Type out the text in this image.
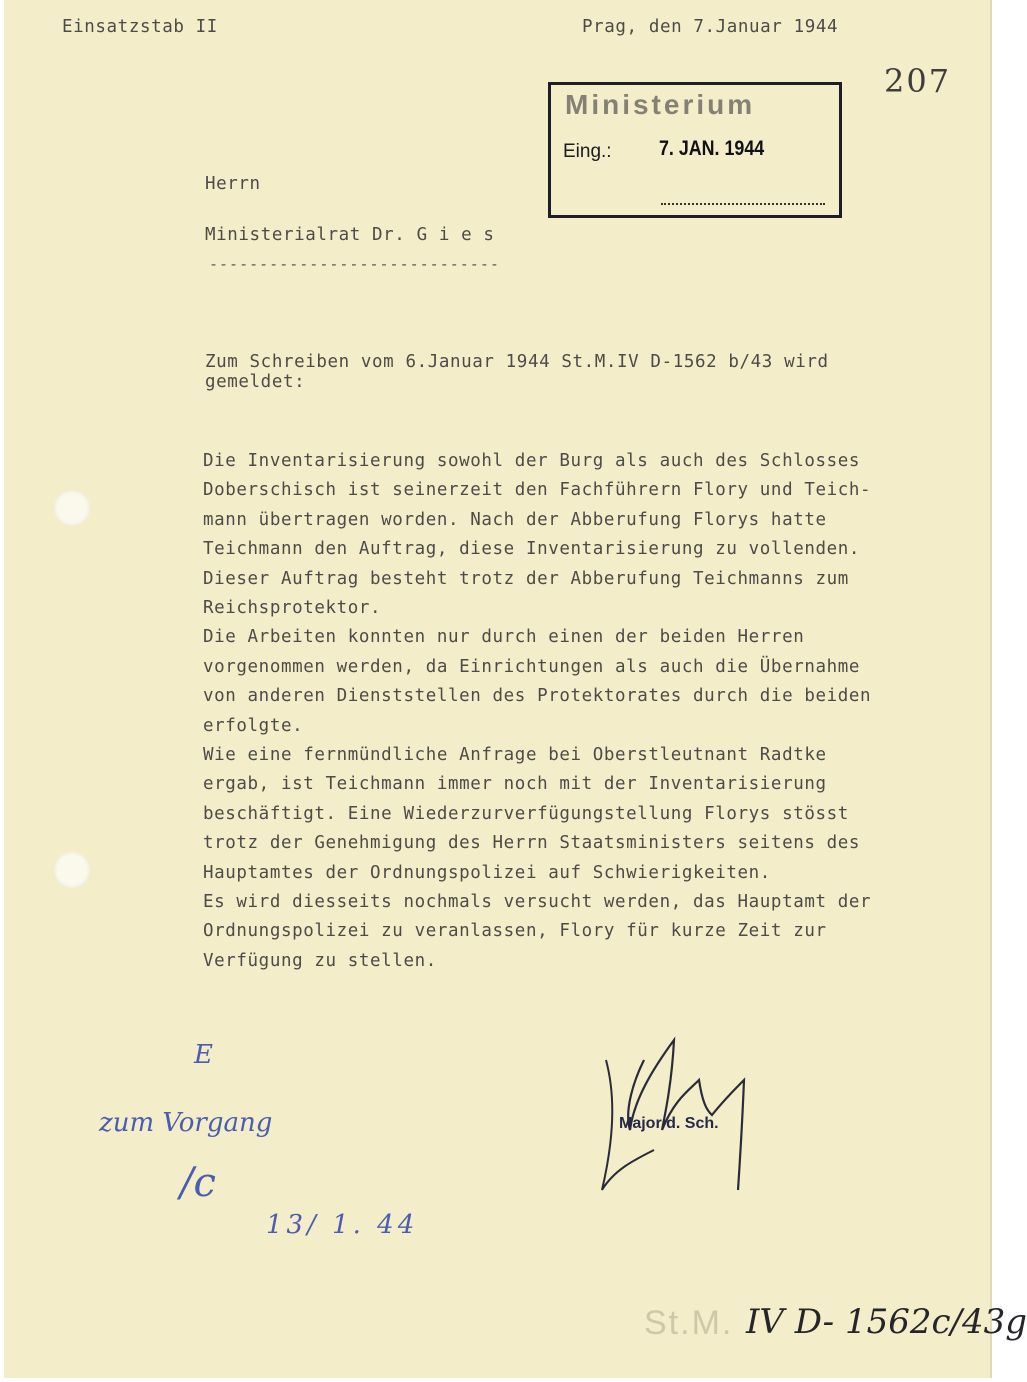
Einsatzstab II	Prag, den 7.Januar 1944
207
Ministerium
Eing.: 7. JAN. 1944
Herrn
Ministerialrat Dr. G i e s
-----------------------------
Zum Schreiben vom 6.Januar 1944 St.M.IV D-1562 b/43 wird
gemeldet:
Die Inventarisierung sowohl der Burg als auch des Schlosses
Doberschisch ist seinerzeit den Fachführern Flory und Teich-
mann übertragen worden. Nach der Abberufung Florys hatte
Teichmann den Auftrag, diese Inventarisierung zu vollenden.
Dieser Auftrag besteht trotz der Abberufung Teichmanns zum
Reichsprotektor.
Die Arbeiten konnten nur durch einen der beiden Herren
vorgenommen werden, da Einrichtungen als auch die Übernahme
von anderen Dienststellen des Protektorates durch die beiden
erfolgte.
Wie eine fernmündliche Anfrage bei Oberstleutnant Radtke
ergab, ist Teichmann immer noch mit der Inventarisierung
beschäftigt. Eine Wiederzurverfügungstellung Florys stösst
trotz der Genehmigung des Herrn Staatsministers seitens des
Hauptamtes der Ordnungspolizei auf Schwierigkeiten.
Es wird diesseits nochmals versucht werden, das Hauptamt der
Ordnungspolizei zu veranlassen, Flory für kurze Zeit zur
Verfügung zu stellen.
Major d. Sch.
E
zum Vorgang
/c
13/ 1. 44
St.M. IV D- 1562c/43g
